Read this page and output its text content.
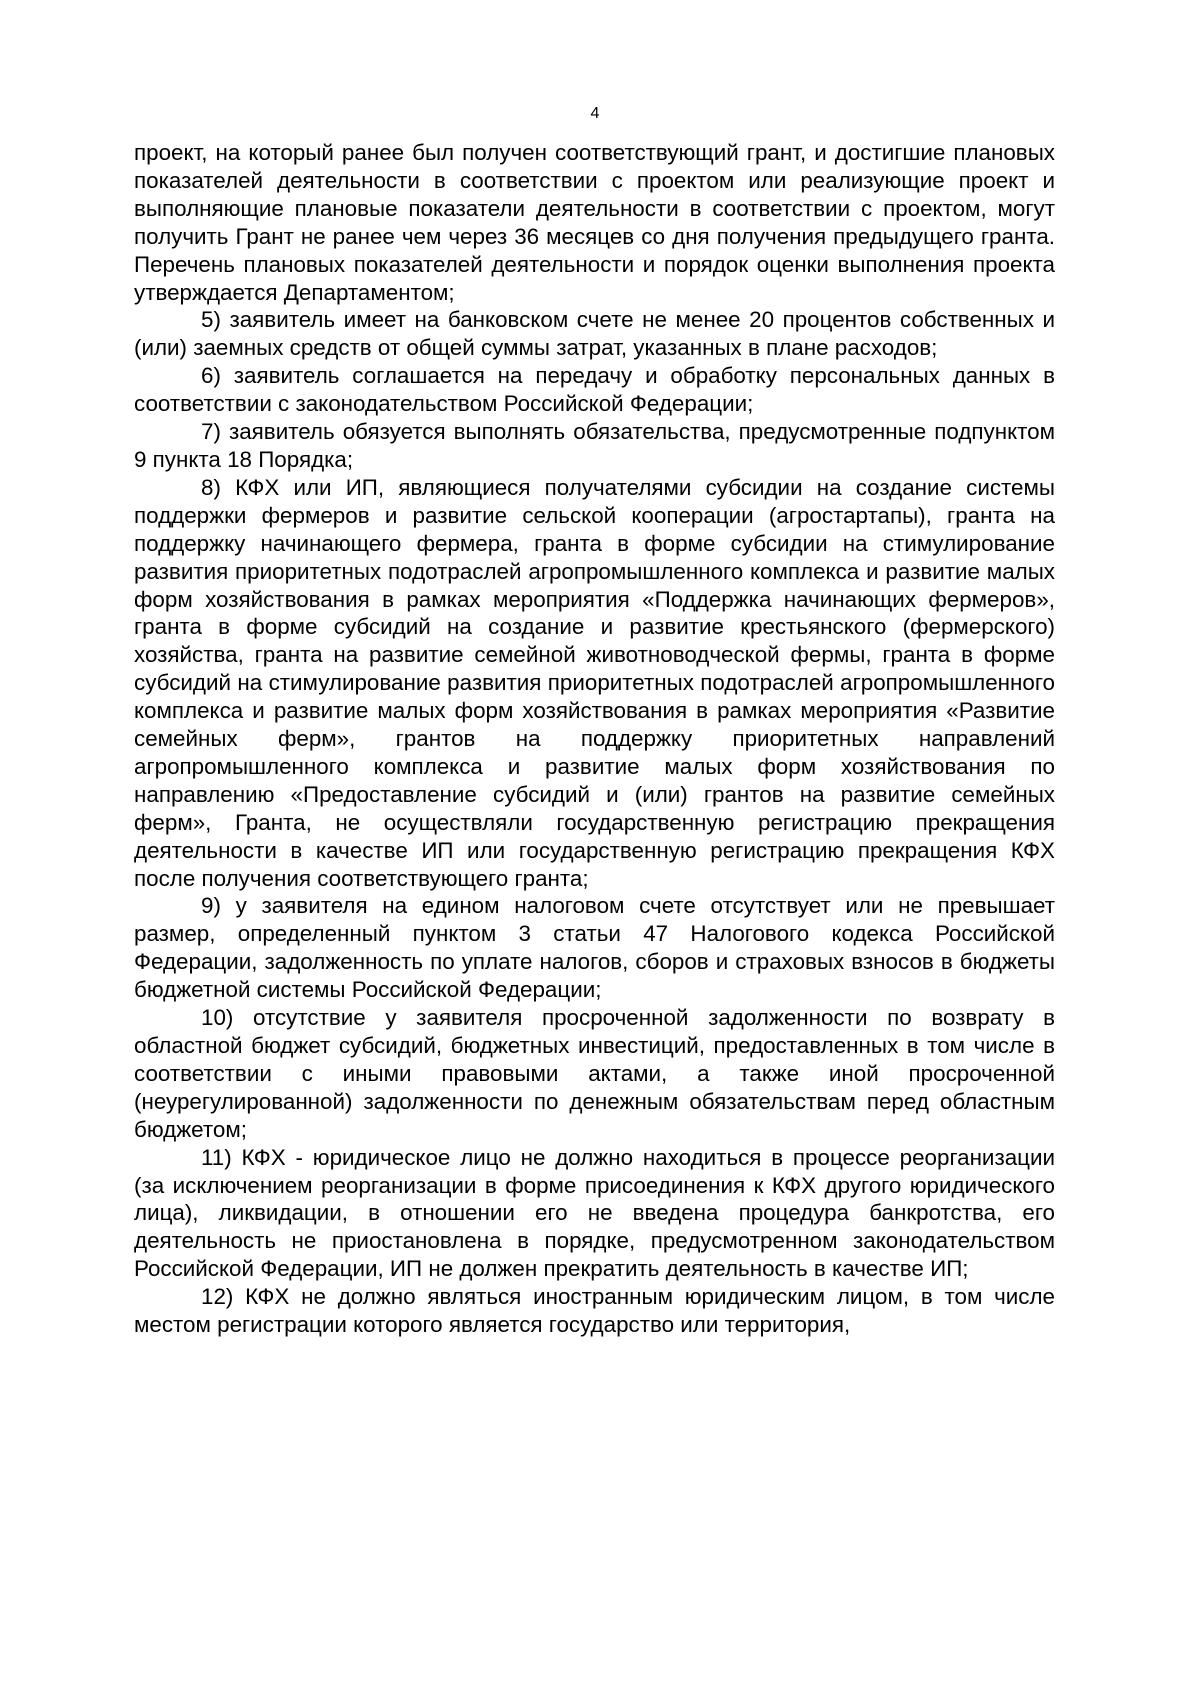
4

проект, на который ранее был получен соответствующий грант, и достигшие плановых показателей деятельности в соответствии с проектом или реализующие проект и выполняющие плановые показатели деятельности в соответствии с проектом, могут получить Грант не ранее чем через 36 месяцев со дня получения предыдущего гранта. Перечень плановых показателей деятельности и порядок оценки выполнения проекта утверждается Департаментом;

5) заявитель имеет на банковском счете не менее 20 процентов собственных и (или) заемных средств от общей суммы затрат, указанных в плане расходов;

6) заявитель соглашается на передачу и обработку персональных данных в соответствии с законодательством Российской Федерации;

7) заявитель обязуется выполнять обязательства, предусмотренные подпунктом 9 пункта 18 Порядка;

8) КФХ или ИП, являющиеся получателями субсидии на создание системы поддержки фермеров и развитие сельской кооперации (агростартапы), гранта на поддержку начинающего фермера, гранта в форме субсидии на стимулирование развития приоритетных подотраслей агропромышленного комплекса и развитие малых форм хозяйствования в рамках мероприятия «Поддержка начинающих фермеров», гранта в форме субсидий на создание и развитие крестьянского (фермерского) хозяйства, гранта на развитие семейной животноводческой фермы, гранта в форме субсидий на стимулирование развития приоритетных подотраслей агропромышленного комплекса и развитие малых форм хозяйствования в рамках мероприятия «Развитие семейных ферм», грантов на поддержку приоритетных направлений агропромышленного комплекса и развитие малых форм хозяйствования по направлению «Предоставление субсидий и (или) грантов на развитие семейных ферм», Гранта, не осуществляли государственную регистрацию прекращения деятельности в качестве ИП или государственную регистрацию прекращения КФХ после получения соответствующего гранта;

9) у заявителя на едином налоговом счете отсутствует или не превышает размер, определенный пунктом 3 статьи 47 Налогового кодекса Российской Федерации, задолженность по уплате налогов, сборов и страховых взносов в бюджеты бюджетной системы Российской Федерации;

10) отсутствие у заявителя просроченной задолженности по возврату в областной бюджет субсидий, бюджетных инвестиций, предоставленных в том числе в соответствии с иными правовыми актами, а также иной просроченной (неурегулированной) задолженности по денежным обязательствам перед областным бюджетом;

11) КФХ - юридическое лицо не должно находиться в процессе реорганизации (за исключением реорганизации в форме присоединения к КФХ другого юридического лица), ликвидации, в отношении его не введена процедура банкротства, его деятельность не приостановлена в порядке, предусмотренном законодательством Российской Федерации, ИП не должен прекратить деятельность в качестве ИП;

12) КФХ не должно являться иностранным юридическим лицом, в том числе местом регистрации которого является государство или территория,
